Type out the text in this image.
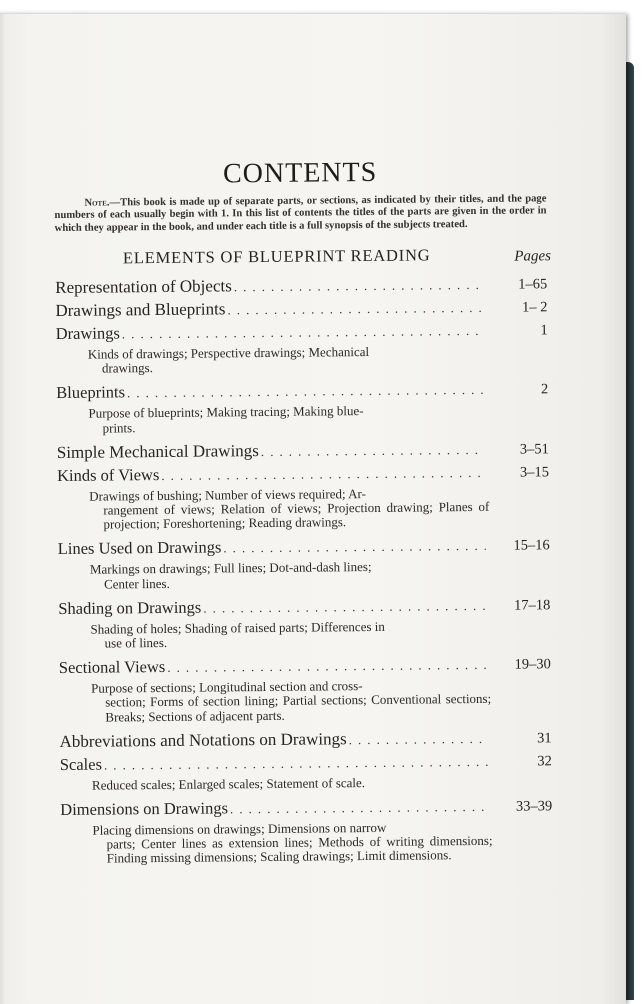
CONTENTS

Note.—This book is made up of separate parts, or sections, as indicated by their titles, and the page numbers of each usually begin with 1. In this list of contents the titles of the parts are given in the order in which they appear in the book, and under each title is a full synopsis of the subjects treated.

ELEMENTS OF BLUEPRINT READING	Pages
Representation of Objects . . .	1–65
Drawings and Blueprints . . .	1– 2
Drawings . . .	1
Kinds of drawings; Perspective drawings; Mechanical
drawings.
Blueprints . . .	2
Purpose of blueprints; Making tracing; Making blue-
prints.
Simple Mechanical Drawings . . .	3–51
Kinds of Views . . .	3–15
Drawings of bushing; Number of views required; Ar-
rangement of views; Relation of views; Projection drawing; Planes of projection; Foreshortening; Reading drawings.
Lines Used on Drawings . . .	15–16
Markings on drawings; Full lines; Dot-and-dash lines;
Center lines.
Shading on Drawings . . .	17–18
Shading of holes; Shading of raised parts; Differences in
use of lines.
Sectional Views . . .	19–30
Purpose of sections; Longitudinal section and cross-
section; Forms of section lining; Partial sections; Conventional sections; Breaks; Sections of adjacent parts.
Abbreviations and Notations on Drawings . . .	31
Scales . . .	32
Reduced scales; Enlarged scales; Statement of scale.
Dimensions on Drawings . . .	33–39
Placing dimensions on drawings; Dimensions on narrow
parts; Center lines as extension lines; Methods of writing dimensions; Finding missing dimensions; Scaling drawings; Limit dimensions.
